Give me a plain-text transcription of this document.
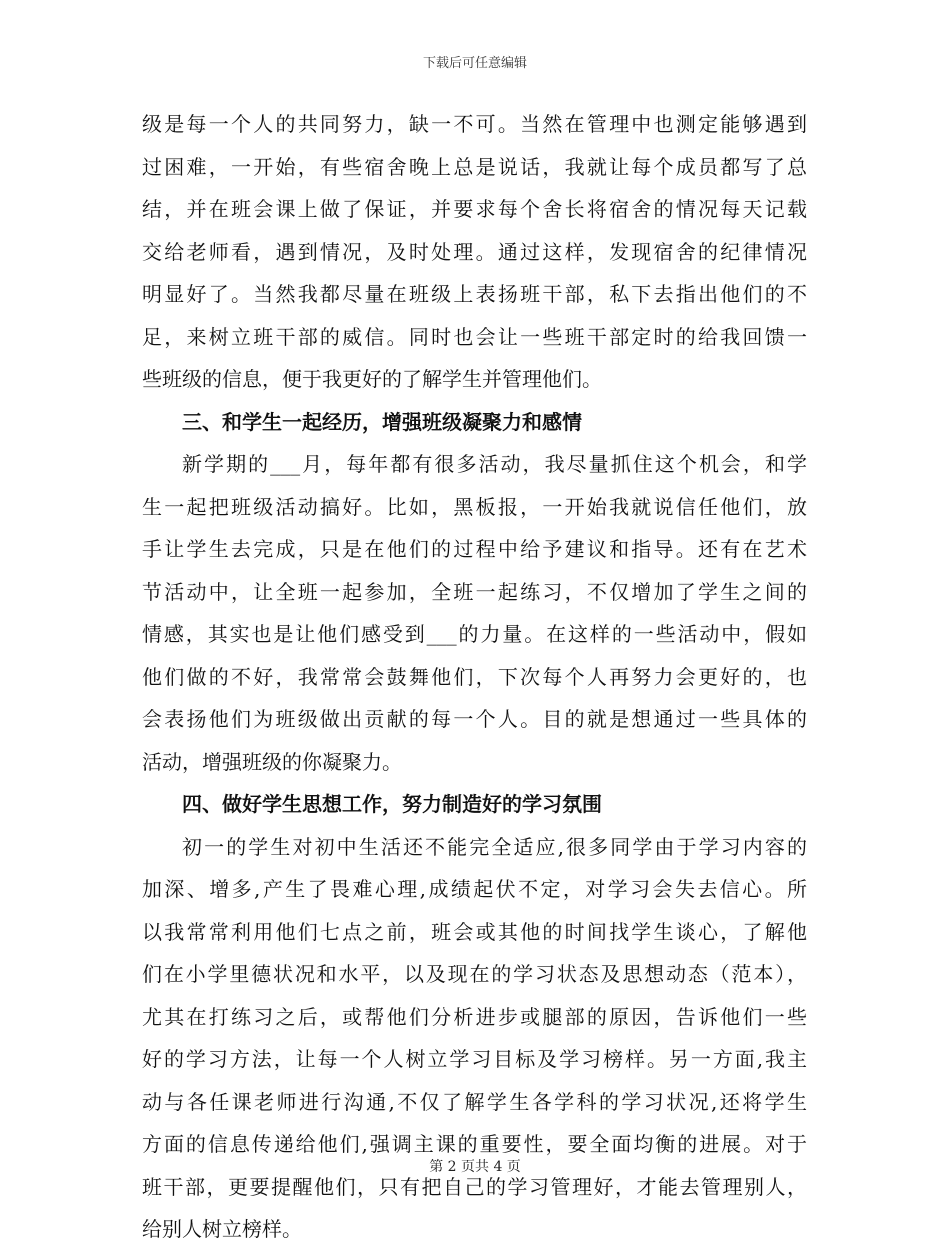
下载后可任意编辑
级是每一个人的共同努力，缺一不可。当然在管理中也测定能够遇到
过困难，一开始，有些宿舍晚上总是说话，我就让每个成员都写了总
结，并在班会课上做了保证，并要求每个舍长将宿舍的情况每天记载
交给老师看，遇到情况，及时处理。通过这样，发现宿舍的纪律情况
明显好了。当然我都尽量在班级上表扬班干部，私下去指出他们的不
足，来树立班干部的威信。同时也会让一些班干部定时的给我回馈一
些班级的信息，便于我更好的了解学生并管理他们。
三、和学生一起经历，增强班级凝聚力和感情
新学期的___月，每年都有很多活动，我尽量抓住这个机会，和学
生一起把班级活动搞好。比如，黑板报，一开始我就说信任他们，放
手让学生去完成，只是在他们的过程中给予建议和指导。还有在艺术
节活动中，让全班一起参加，全班一起练习，不仅增加了学生之间的
情感，其实也是让他们感受到___的力量。在这样的一些活动中，假如
他们做的不好，我常常会鼓舞他们，下次每个人再努力会更好的，也
会表扬他们为班级做出贡献的每一个人。目的就是想通过一些具体的
活动，增强班级的你凝聚力。
四、做好学生思想工作，努力制造好的学习氛围
初一的学生对初中生活还不能完全适应,很多同学由于学习内容的
加深、增多,产生了畏难心理,成绩起伏不定，对学习会失去信心。所
以我常常利用他们七点之前，班会或其他的时间找学生谈心，了解他
们在小学里德状况和水平，以及现在的学习状态及思想动态（范本），
尤其在打练习之后，或帮他们分析进步或腿部的原因，告诉他们一些
好的学习方法，让每一个人树立学习目标及学习榜样。另一方面,我主
动与各任课老师进行沟通,不仅了解学生各学科的学习状况,还将学生
方面的信息传递给他们,强调主课的重要性，要全面均衡的进展。对于
班干部，更要提醒他们，只有把自己的学习管理好，才能去管理别人，
给别人树立榜样。
第 2 页共 4 页
